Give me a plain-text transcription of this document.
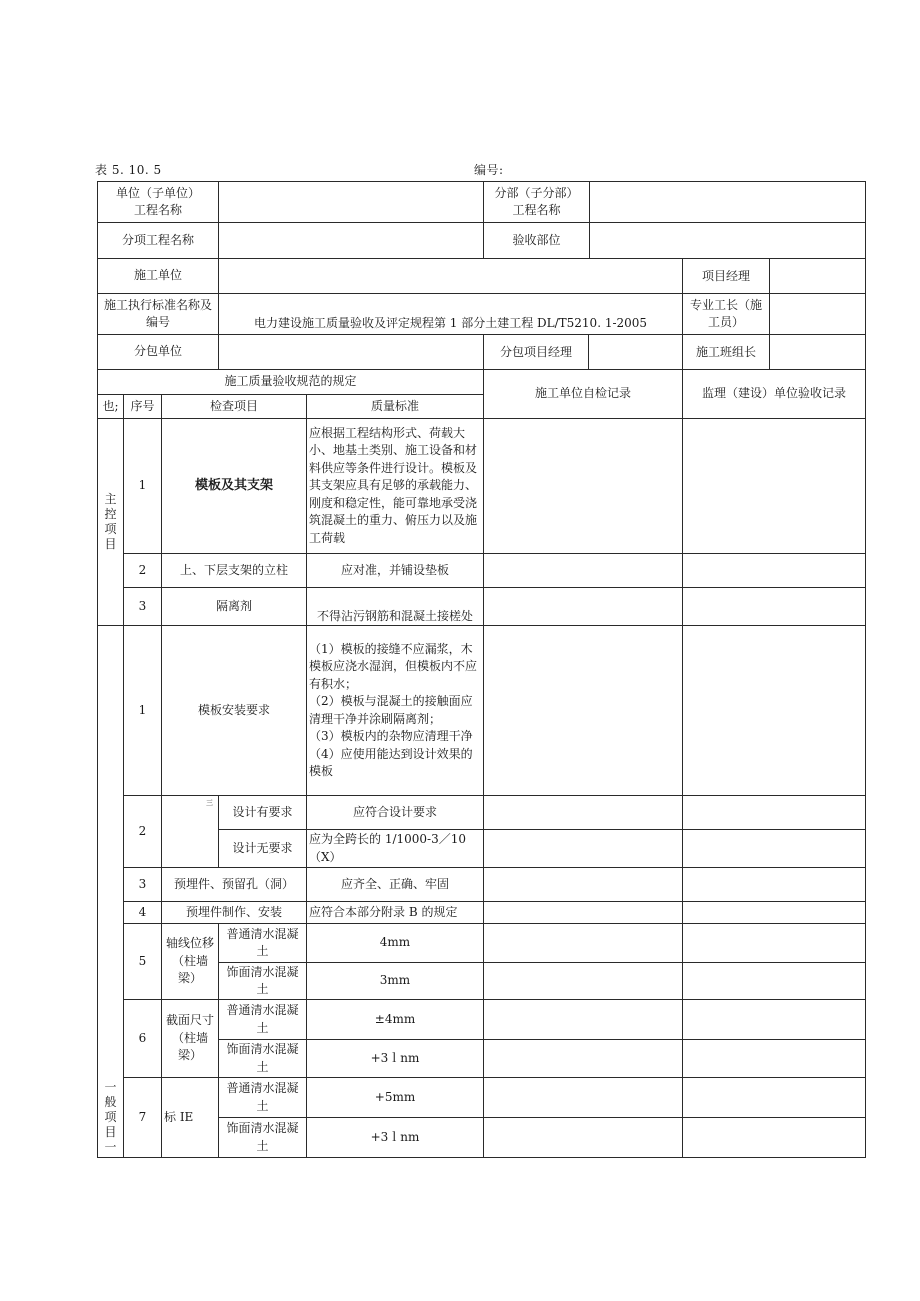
表 5. 10. 5	编号:
单位（子单位）
工程名称					分部（子分部）
工程名称		
分项工程名称					验收部位		
施工单位							项目经理

施工执行标准名称及编号			电力建设施工质量验收及评定规程第 1 部分土建工程 DL/T5210. 1-2005				专业工长（施
工员）

分包单位					分包项目经理		施工班组长

施工质量验收规范的规定					施工单位自检记录		监理（建设）单位验收记录
也;	序号	检查项目		质量标准			

主控项目	1	模板及其支架		应根据工程结构形式、荷载大小、地基土类别、施工设备和材料供应等条件进行设计。模板及其支架应具有足够的承载能力、刚度和稳定性，能可靠地承受浇筑混凝土的重力、俯压力以及施工荷载			
	2	上、下层支架的立柱		应对准，并铺设垫板			
	3	隔离剂		不得沾污钢筋和混凝土接槎处			

一般项目一	1	模板安装要求		（1）模板的接缝不应漏浆，木模板应浇水湿润，但模板内不应有积水；
（2）模板与混凝土的接触面应清理干净并涂刷隔离剂；
（3）模板内的杂物应清理干净
（4）应使用能达到设计效果的模板			

	2	三	设计有要求	应符合设计要求			
			设计无要求	应为全跨长的 1/1000-3／10（Ⅹ）			
	3	预埋件、预留孔（洞）		应齐全、正确、牢固			
	4	预埋件制作、安装		应符合本部分附录 B 的规定			
	5	轴线位移（柱墙梁）	普通清水混凝土	4mm			
			饰面清水混凝土	3mm			
	6	截面尺寸（柱墙梁）	普通清水混凝土	±4mm			
			饰面清水混凝土	+3ｌnm			
	7	标 IE	普通清水混凝土	+5mm			
			饰面清水混凝土	+3ｌnm			
